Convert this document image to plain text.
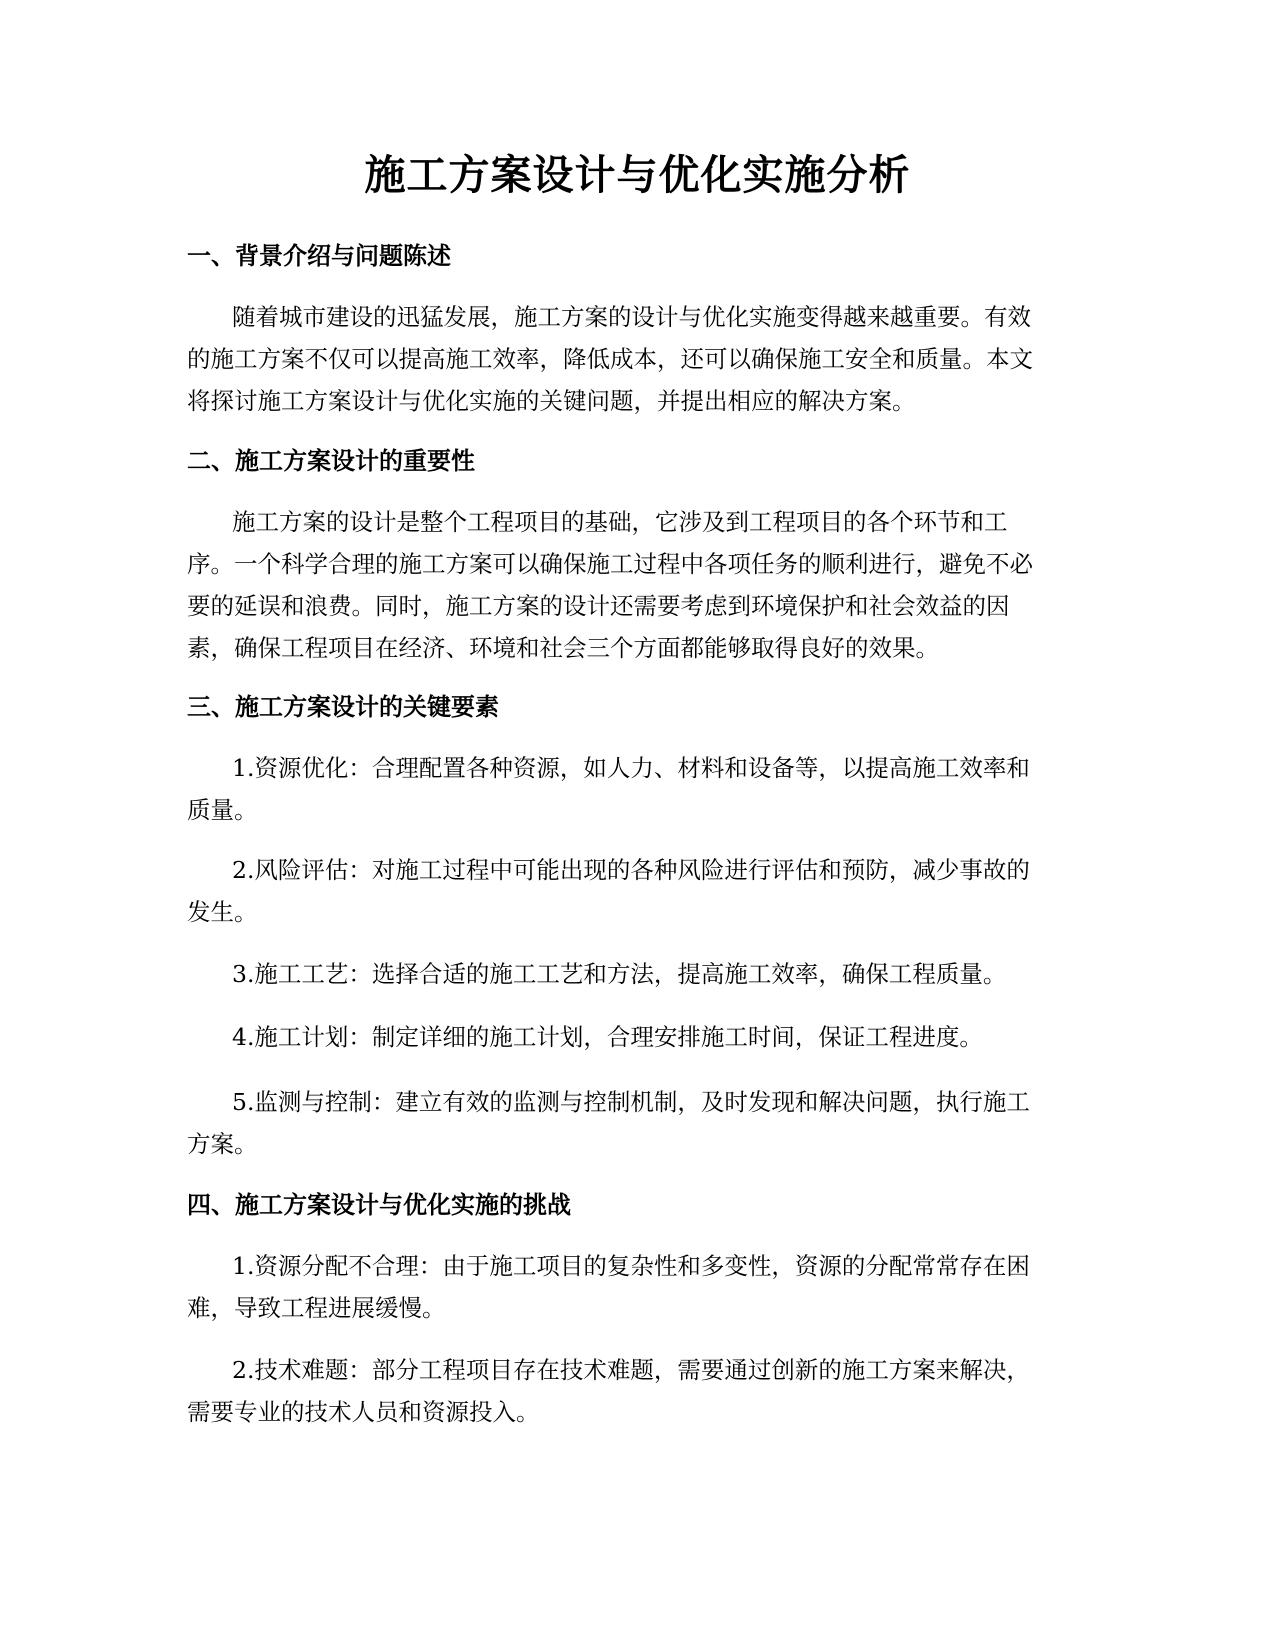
施工方案设计与优化实施分析
一、背景介绍与问题陈述
随着城市建设的迅猛发展，施工方案的设计与优化实施变得越来越重要。有效
的施工方案不仅可以提高施工效率，降低成本，还可以确保施工安全和质量。本文
将探讨施工方案设计与优化实施的关键问题，并提出相应的解决方案。
二、施工方案设计的重要性
施工方案的设计是整个工程项目的基础，它涉及到工程项目的各个环节和工
序。一个科学合理的施工方案可以确保施工过程中各项任务的顺利进行，避免不必
要的延误和浪费。同时，施工方案的设计还需要考虑到环境保护和社会效益的因
素，确保工程项目在经济、环境和社会三个方面都能够取得良好的效果。
三、施工方案设计的关键要素
1.资源优化：合理配置各种资源，如人力、材料和设备等，以提高施工效率和
质量。
2.风险评估：对施工过程中可能出现的各种风险进行评估和预防，减少事故的
发生。
3.施工工艺：选择合适的施工工艺和方法，提高施工效率，确保工程质量。
4.施工计划：制定详细的施工计划，合理安排施工时间，保证工程进度。
5.监测与控制：建立有效的监测与控制机制，及时发现和解决问题，执行施工
方案。
四、施工方案设计与优化实施的挑战
1.资源分配不合理：由于施工项目的复杂性和多变性，资源的分配常常存在困
难，导致工程进展缓慢。
2.技术难题：部分工程项目存在技术难题，需要通过创新的施工方案来解决，
需要专业的技术人员和资源投入。
